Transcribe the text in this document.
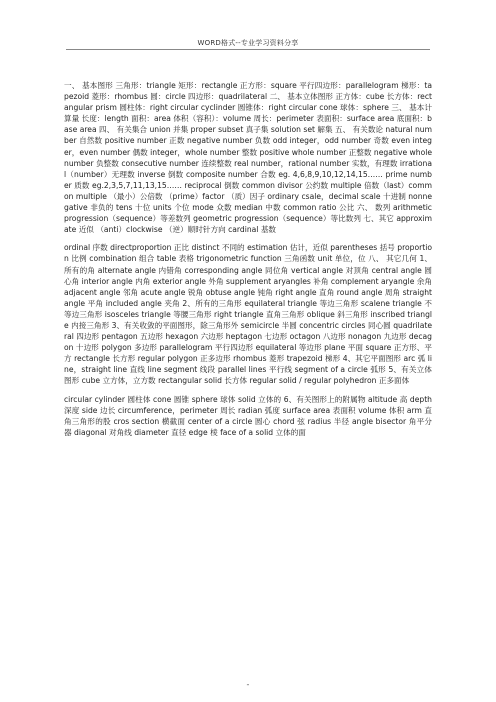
WORD格式--专业学习资料分享

一、 基本图形 三角形：triangle 矩形：rectangle 正方形：square 平行四边形：parallelogram 梯形：tapezoid 菱形：rhombus 圆：circle 四边形：quadrilateral 二、 基本立体图形 正方体：cube 长方体：rectangular prism 圆柱体：right circular cyclinder 圆锥体：right circular cone 球体：sphere 三、 基本计算量 长度：length 面积：area 体积（容积）：volume 周长：perimeter 表面积：surface area 底面积：base area 四、 有关集合 union 并集 proper subset 真子集 solution set 解集 五、 有关数论 natural number 自然数 positive number 正数 negative number 负数 odd integer，odd number 奇数 even integer，even number 偶数 integer，whole number 整数 positive whole number 正整数 negative whole number 负整数 consecutive number 连续整数 real number，rational number 实数，有理数 irrational（number）无理数 inverse 倒数 composite number 合数 eg. 4,6,8,9,10,12,14,15…… prime number 质数 eg.2,3,5,7,11,13,15…… reciprocal 倒数 common divisor 公约数 multiple 倍数（last）common multiple （最小）公倍数 （prime）factor （质）因子 ordinary csale，decimal scale 十进制 nonnegative 非负的 tens 十位 units 个位 mode 众数 median 中数 common ratio 公比 六、 数列 arithmetic progression（sequence）等差数列 geometric progression（sequence）等比数列 七、其它 approximate 近似 （anti）clockwise （逆）顺时针方向 cardinal 基数

ordinal 序数 directproportion 正比 distinct 不同的 estimation 估计，近似 parentheses 括号 proportion 比例 combination 组合 table 表格 trigonometric function 三角函数 unit 单位，位 八、 其它几何 1、所有的角 alternate angle 内错角 corresponding angle 同位角 vertical angle 对顶角 central angle 圆心角 interior angle 内角 exterior angle 外角 supplement aryangles 补角 complement aryangle 余角 adjacent angle 邻角 acute angle 锐角 obtuse angle 钝角 right angle 直角 round angle 周角 straight angle 平角 included angle 夹角 2、所有的三角形 equilateral triangle 等边三角形 scalene triangle 不等边三角形 isosceles triangle 等腰三角形 right triangle 直角三角形 oblique 斜三角形 inscribed triangle 内接三角形 3、有关收敛的平面图形，除三角形外 semicircle 半圆 concentric circles 同心圆 quadrilateral 四边形 pentagon 五边形 hexagon 六边形 heptagon 七边形 octagon 八边形 nonagon 九边形 decagon 十边形 polygon 多边形 parallelogram 平行四边形 equilateral 等边形 plane 平面 square 正方形、平方 rectangle 长方形 regular polygon 正多边形 rhombus 菱形 trapezoid 梯形 4、其它平面图形 arc 弧 line，straight line 直线 line segment 线段 parallel lines 平行线 segment of a circle 弧形 5、有关立体图形 cube 立方体，立方数 rectangular solid 长方体 regular solid / regular polyhedron 正多面体

circular cylinder 圆柱体 cone 圆锥 sphere 球体 solid 立体的 6、有关图形上的附属物 altitude 高 depth 深度 side 边长 circumference，perimeter 周长 radian 弧度 surface area 表面积 volume 体积 arm 直角三角形的股 cros section 横截面 center of a circle 圆心 chord 弦 radius 半径 angle bisector 角平分器 diagonal 对角线 diameter 直径 edge 棱 face of a solid 立体的面

-
